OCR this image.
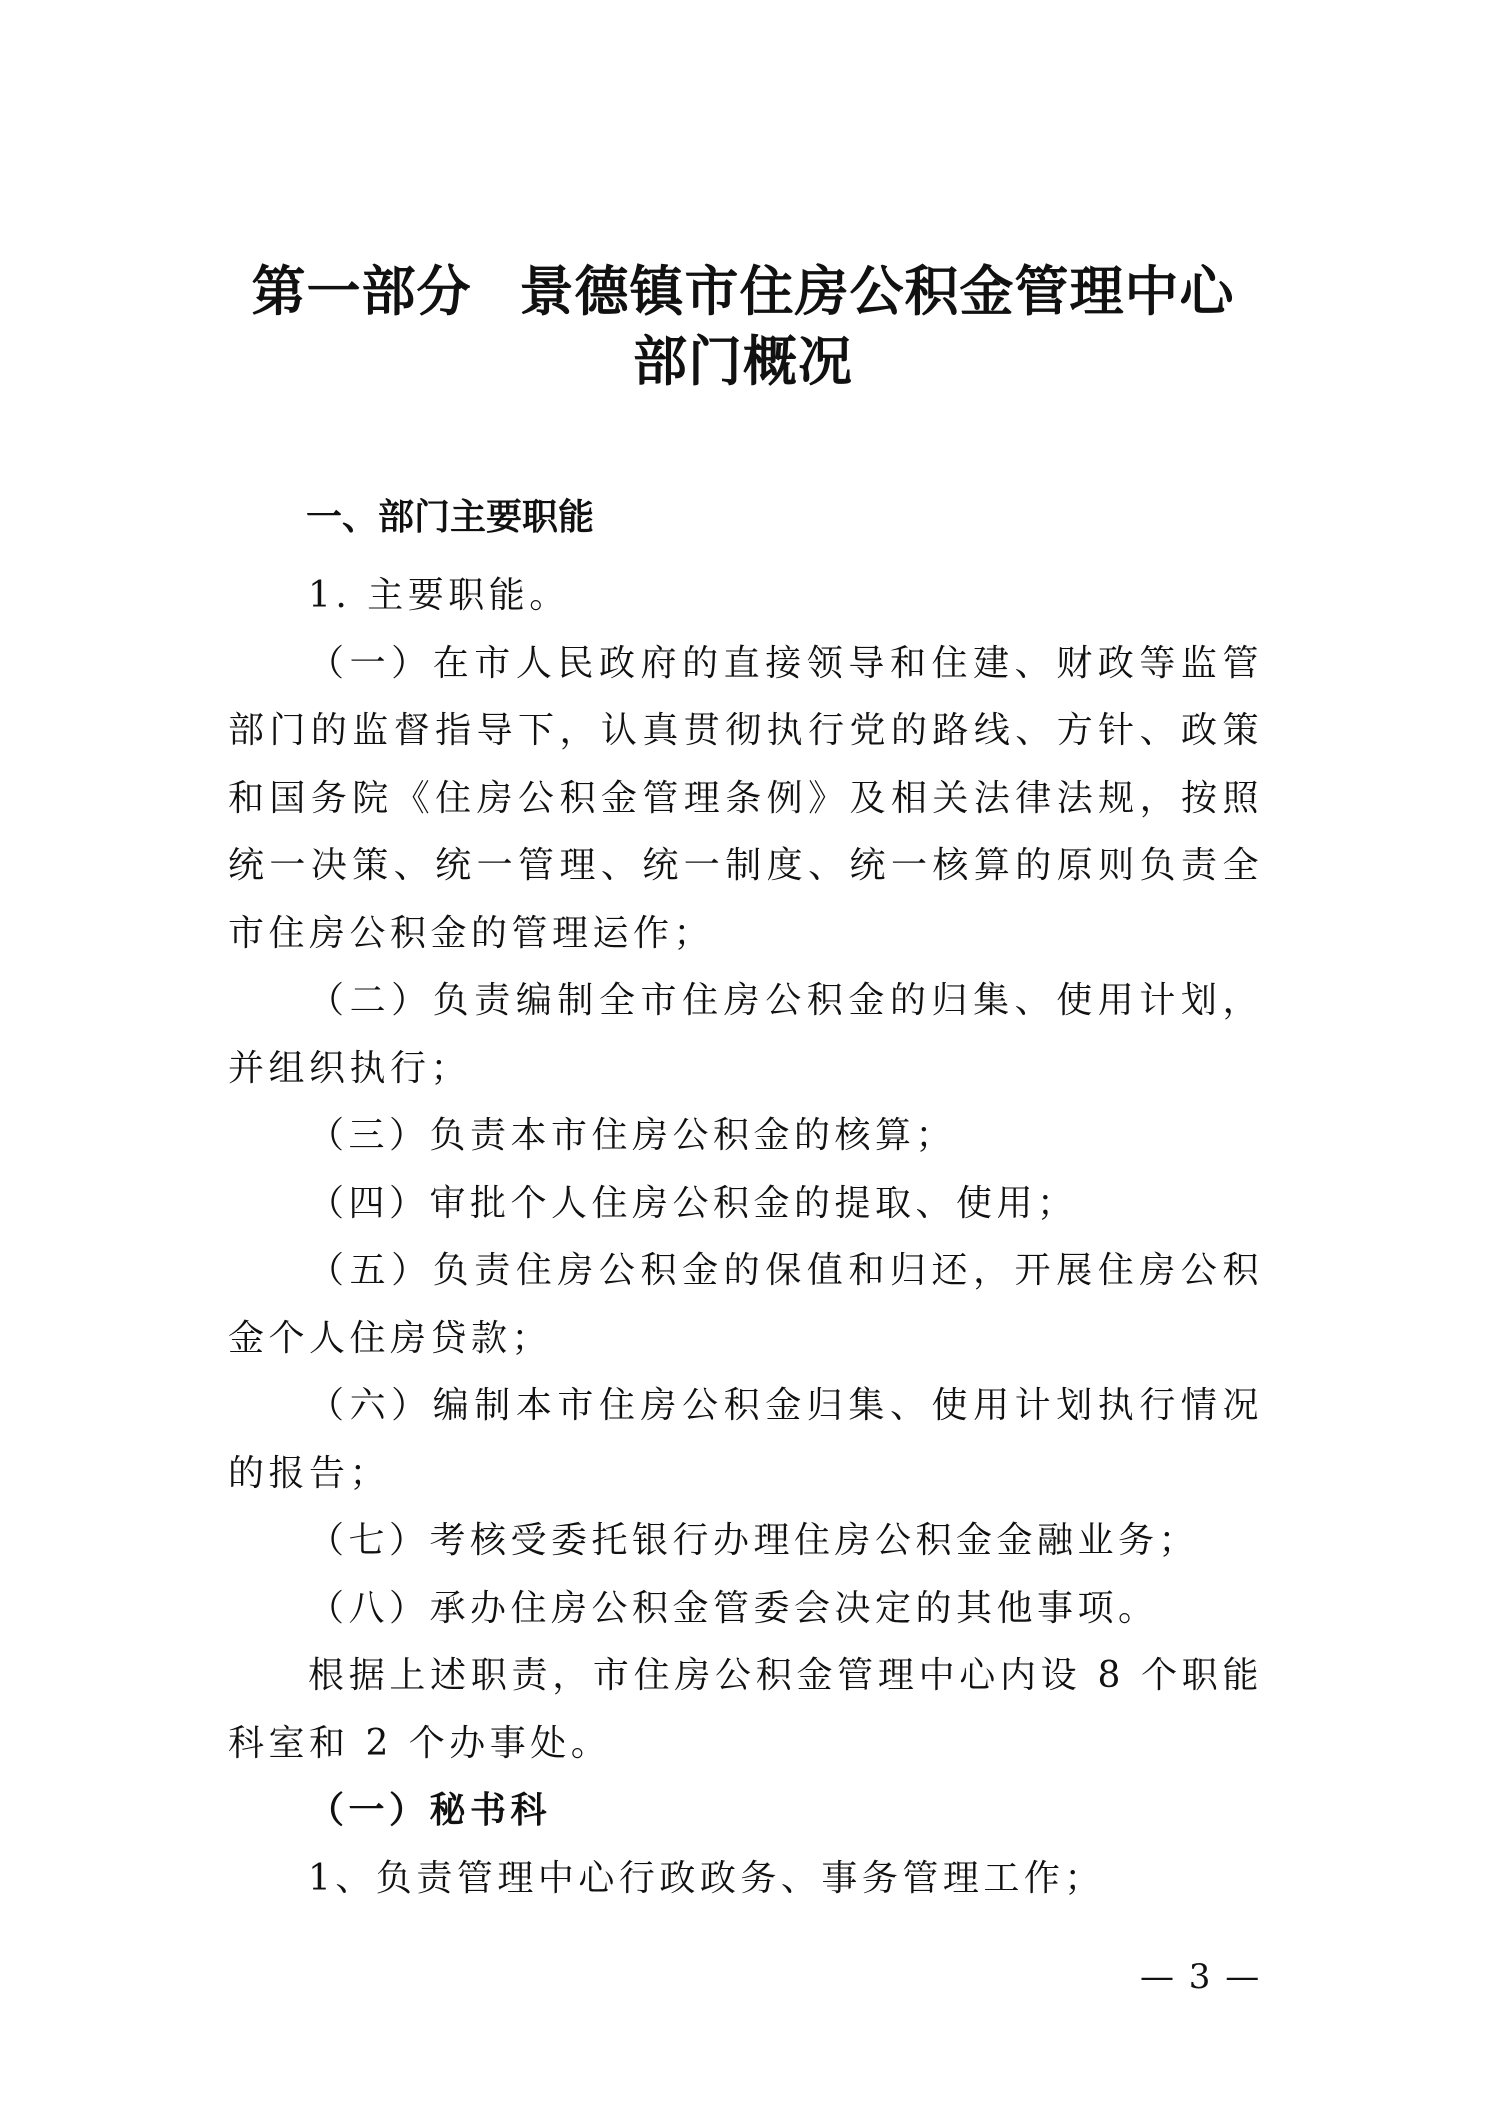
第一部分 景德镇市住房公积金管理中心
部门概况
一、部门主要职能

1. 主要职能。

（一）在市人民政府的直接领导和住建、财政等监管部门的监督指导下，认真贯彻执行党的路线、方针、政策和国务院《住房公积金管理条例》及相关法律法规，按照统一决策、统一管理、统一制度、统一核算的原则负责全市住房公积金的管理运作；

（二）负责编制全市住房公积金的归集、使用计划，并组织执行；

（三）负责本市住房公积金的核算；

（四）审批个人住房公积金的提取、使用；

（五）负责住房公积金的保值和归还，开展住房公积金个人住房贷款；

（六）编制本市住房公积金归集、使用计划执行情况的报告；

（七）考核受委托银行办理住房公积金金融业务；

（八）承办住房公积金管委会决定的其他事项。

根据上述职责，市住房公积金管理中心内设 8 个职能科室和 2 个办事处。

（一）秘书科

1、负责管理中心行政政务、事务管理工作；

— 3 —
